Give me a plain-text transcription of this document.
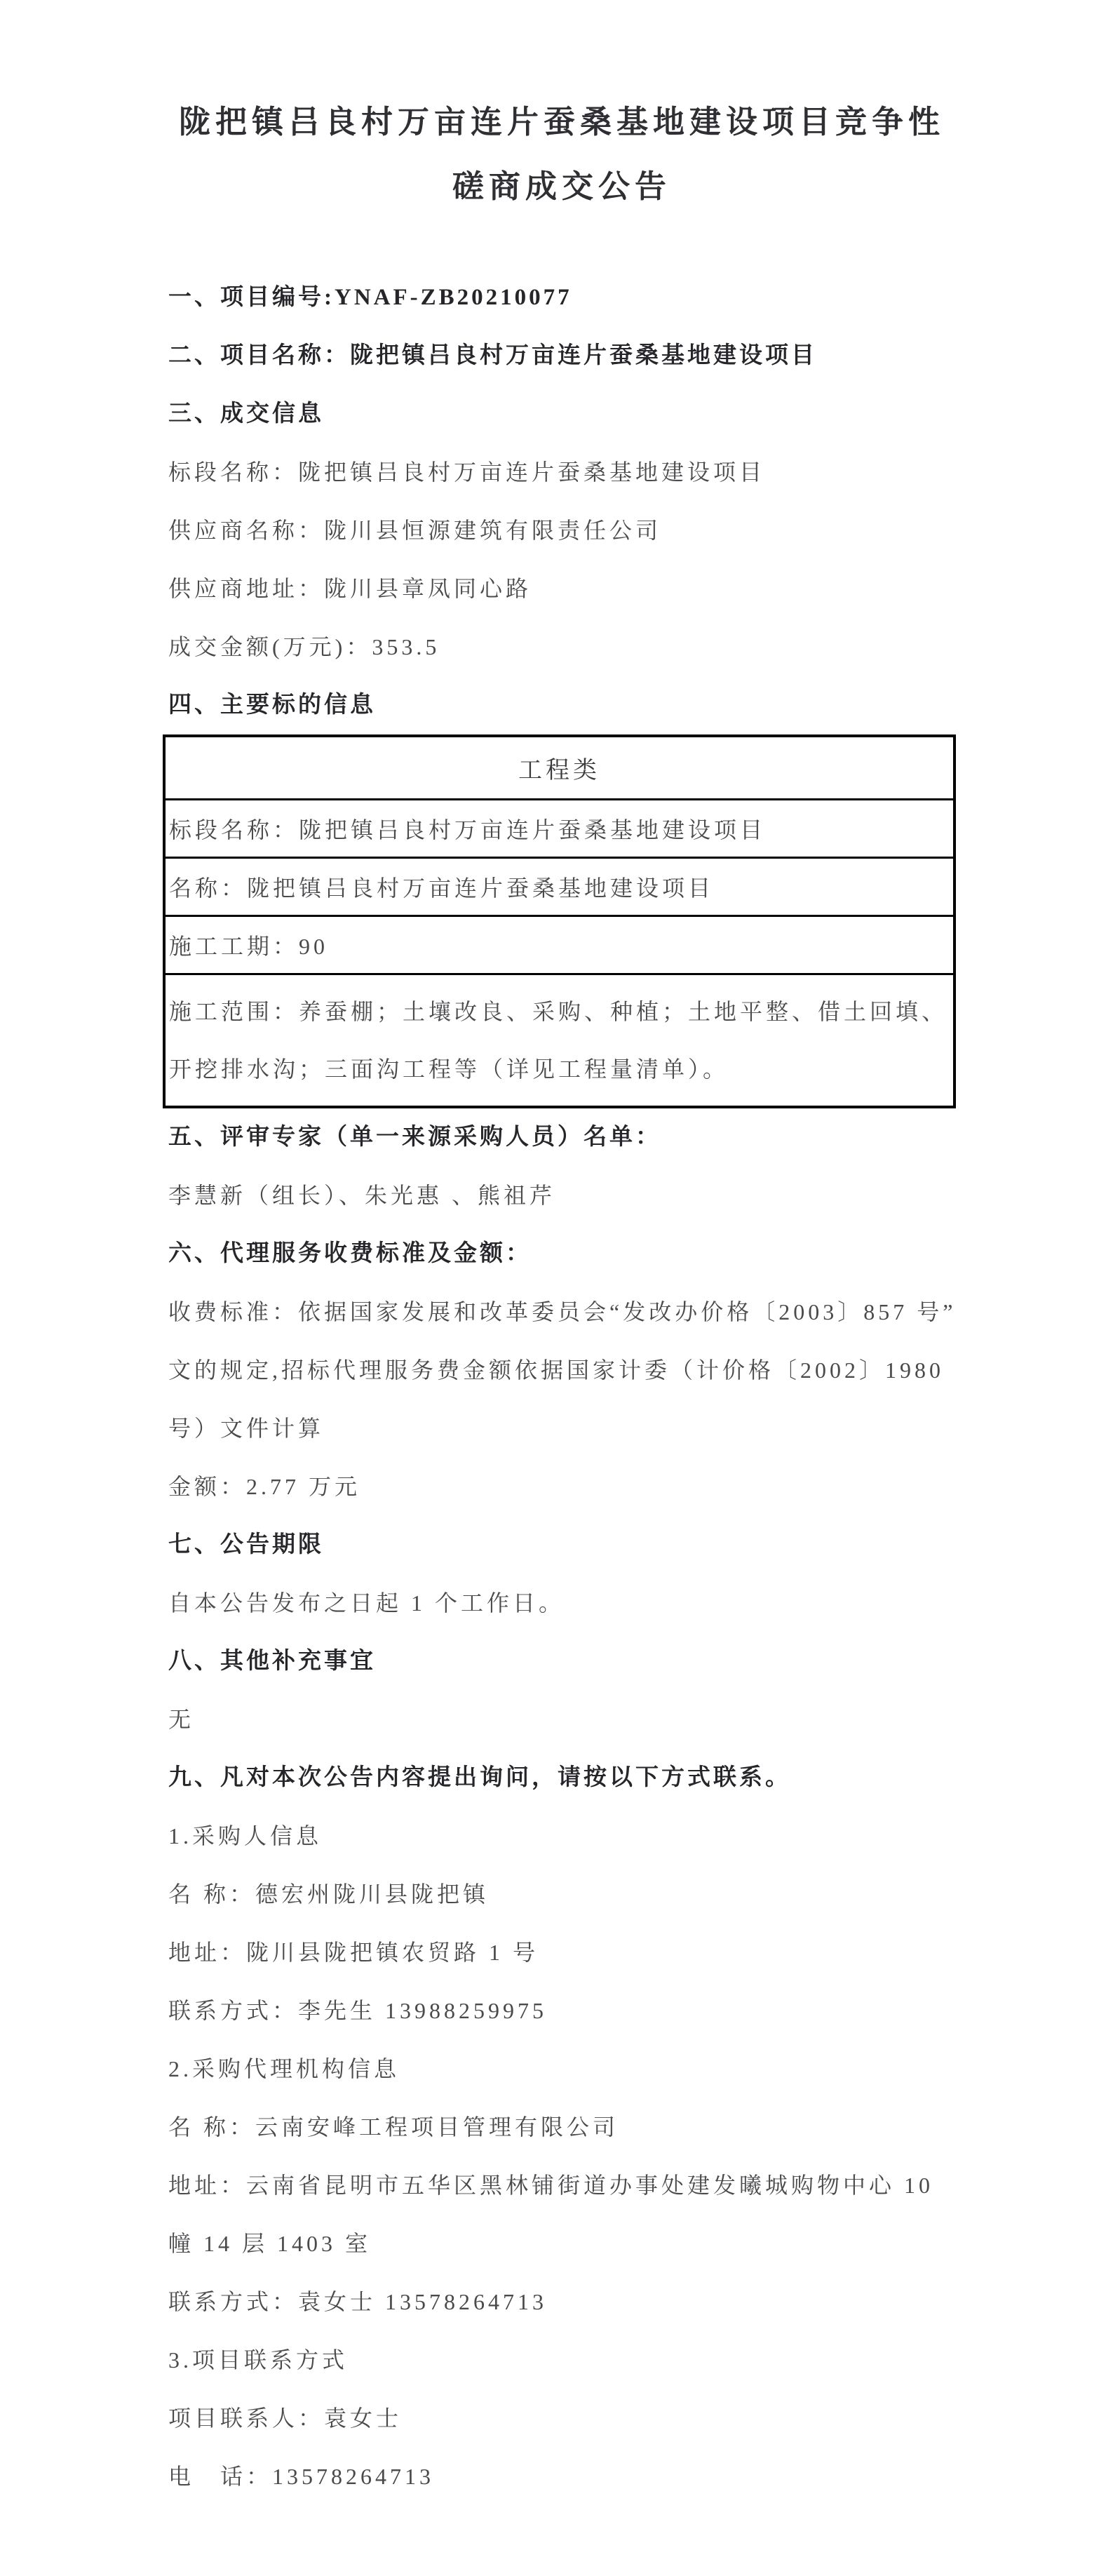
陇把镇吕良村万亩连片蚕桑基地建设项目竞争性
磋商成交公告

一、项目编号:YNAF-ZB20210077

二、项目名称：陇把镇吕良村万亩连片蚕桑基地建设项目

三、成交信息

标段名称：陇把镇吕良村万亩连片蚕桑基地建设项目

供应商名称：陇川县恒源建筑有限责任公司

供应商地址：陇川县章凤同心路

成交金额(万元)：353.5

四、主要标的信息

工程类
标段名称：陇把镇吕良村万亩连片蚕桑基地建设项目
名称：陇把镇吕良村万亩连片蚕桑基地建设项目
施工工期：90

施工范围：养蚕棚；土壤改良、采购、种植；土地平整、借土回填、
开挖排水沟；三面沟工程等（详见工程量清单）。

五、评审专家（单一来源采购人员）名单：

李慧新（组长）、朱光惠 、熊祖芹

六、代理服务收费标准及金额：

收费标准：依据国家发展和改革委员会“发改办价格〔2003〕857 号”

文的规定,招标代理服务费金额依据国家计委（计价格〔2002〕1980

号）文件计算

金额：2.77 万元

七、公告期限

自本公告发布之日起 1 个工作日。

八、其他补充事宜

无

九、凡对本次公告内容提出询问，请按以下方式联系。

1.采购人信息

名 称：德宏州陇川县陇把镇

地址：陇川县陇把镇农贸路 1 号

联系方式：李先生 13988259975

2.采购代理机构信息

名 称：云南安峰工程项目管理有限公司

地址：云南省昆明市五华区黑林铺街道办事处建发曦城购物中心 10

幢 14 层 1403 室

联系方式：袁女士 13578264713

3.项目联系方式

项目联系人：袁女士

电　话：13578264713
